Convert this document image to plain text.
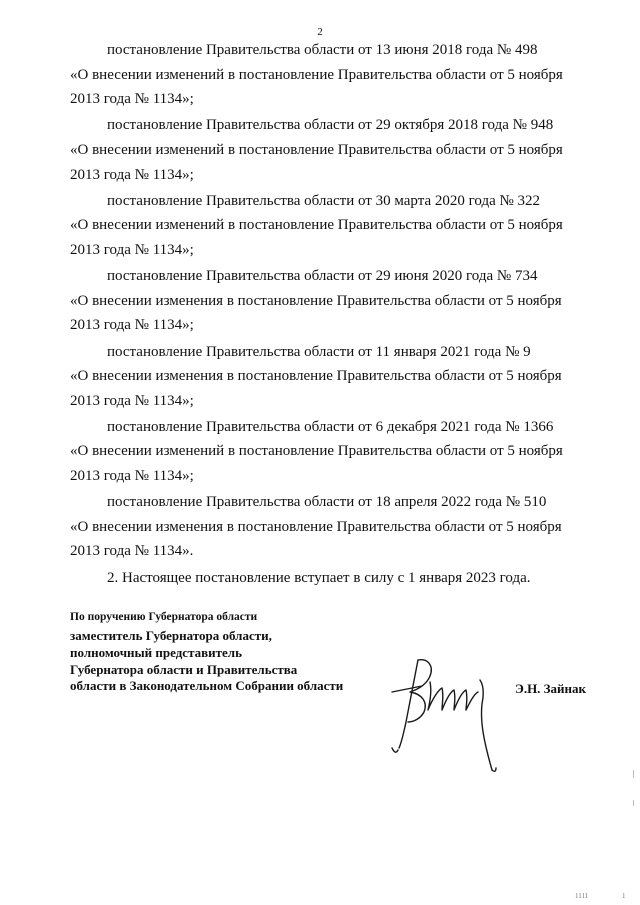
2

постановление Правительства области от 13 июня 2018 года № 498

«О внесении изменений в постановление Правительства области от 5 ноября

2013 года № 1134»;

постановление Правительства области от 29 октября 2018 года № 948

«О внесении изменений в постановление Правительства области от 5 ноября

2013 года № 1134»;

постановление Правительства области от 30 марта 2020 года № 322

«О внесении изменений в постановление Правительства области от 5 ноября

2013 года № 1134»;

постановление Правительства области от 29 июня 2020 года № 734

«О внесении изменения в постановление Правительства области от 5 ноября

2013 года № 1134»;

постановление Правительства области от 11 января 2021 года № 9

«О внесении изменения в постановление Правительства области от 5 ноября

2013 года № 1134»;

постановление Правительства области от 6 декабря 2021 года № 1366

«О внесении изменений в постановление Правительства области от 5 ноября

2013 года № 1134»;

постановление Правительства области от 18 апреля 2022 года № 510

«О внесении изменения в постановление Правительства области от 5 ноября

2013 года № 1134».

2. Настоящее постановление вступает в силу с 1 января 2023 года.

По поручению Губернатора области

заместитель Губернатора области,

полномочный представитель

Губернатора области и Правительства

области в Законодательном Собрании области	Э.Н. Зайнак
1111	1
